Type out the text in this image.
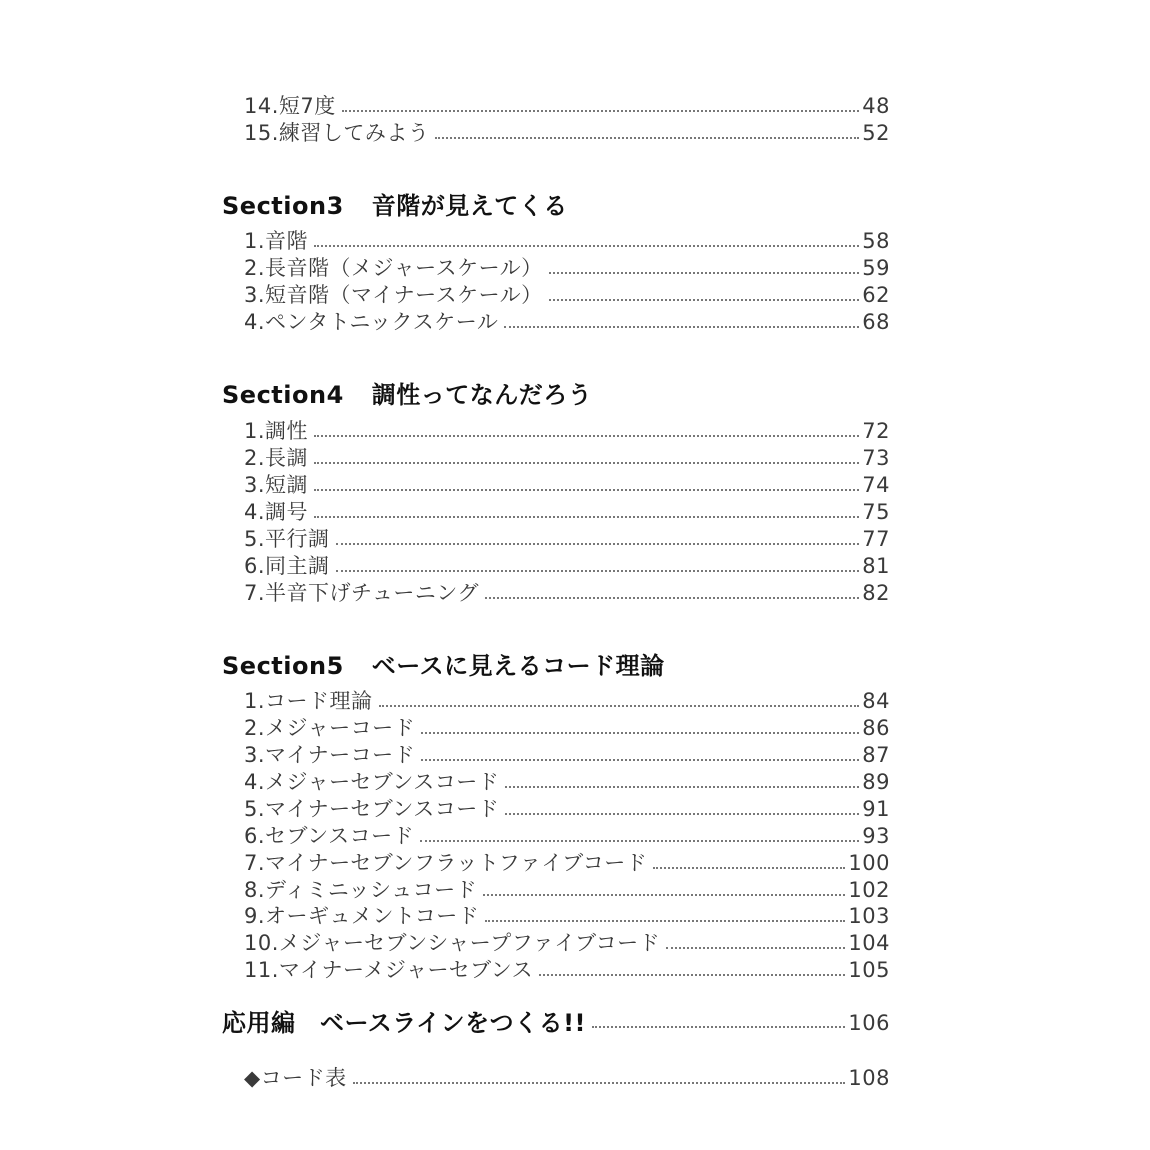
14.短7度	48
15.練習してみよう	52
Section3 音階が見えてくる
1.音階	58
2.長音階（メジャースケール）	59
3.短音階（マイナースケール）	62
4.ペンタトニックスケール	68
Section4 調性ってなんだろう
1.調性	72
2.長調	73
3.短調	74
4.調号	75
5.平行調	77
6.同主調	81
7.半音下げチューニング	82
Section5 ベースに見えるコード理論
1.コード理論	84
2.メジャーコード	86
3.マイナーコード	87
4.メジャーセブンスコード	89
5.マイナーセブンスコード	91
6.セブンスコード	93
7.マイナーセブンフラットファイブコード	100
8.ディミニッシュコード	102
9.オーギュメントコード	103
10.メジャーセブンシャープファイブコード	104
11.マイナーメジャーセブンス	105
応用編　ベースラインをつくる!!	106
◆コード表	108
